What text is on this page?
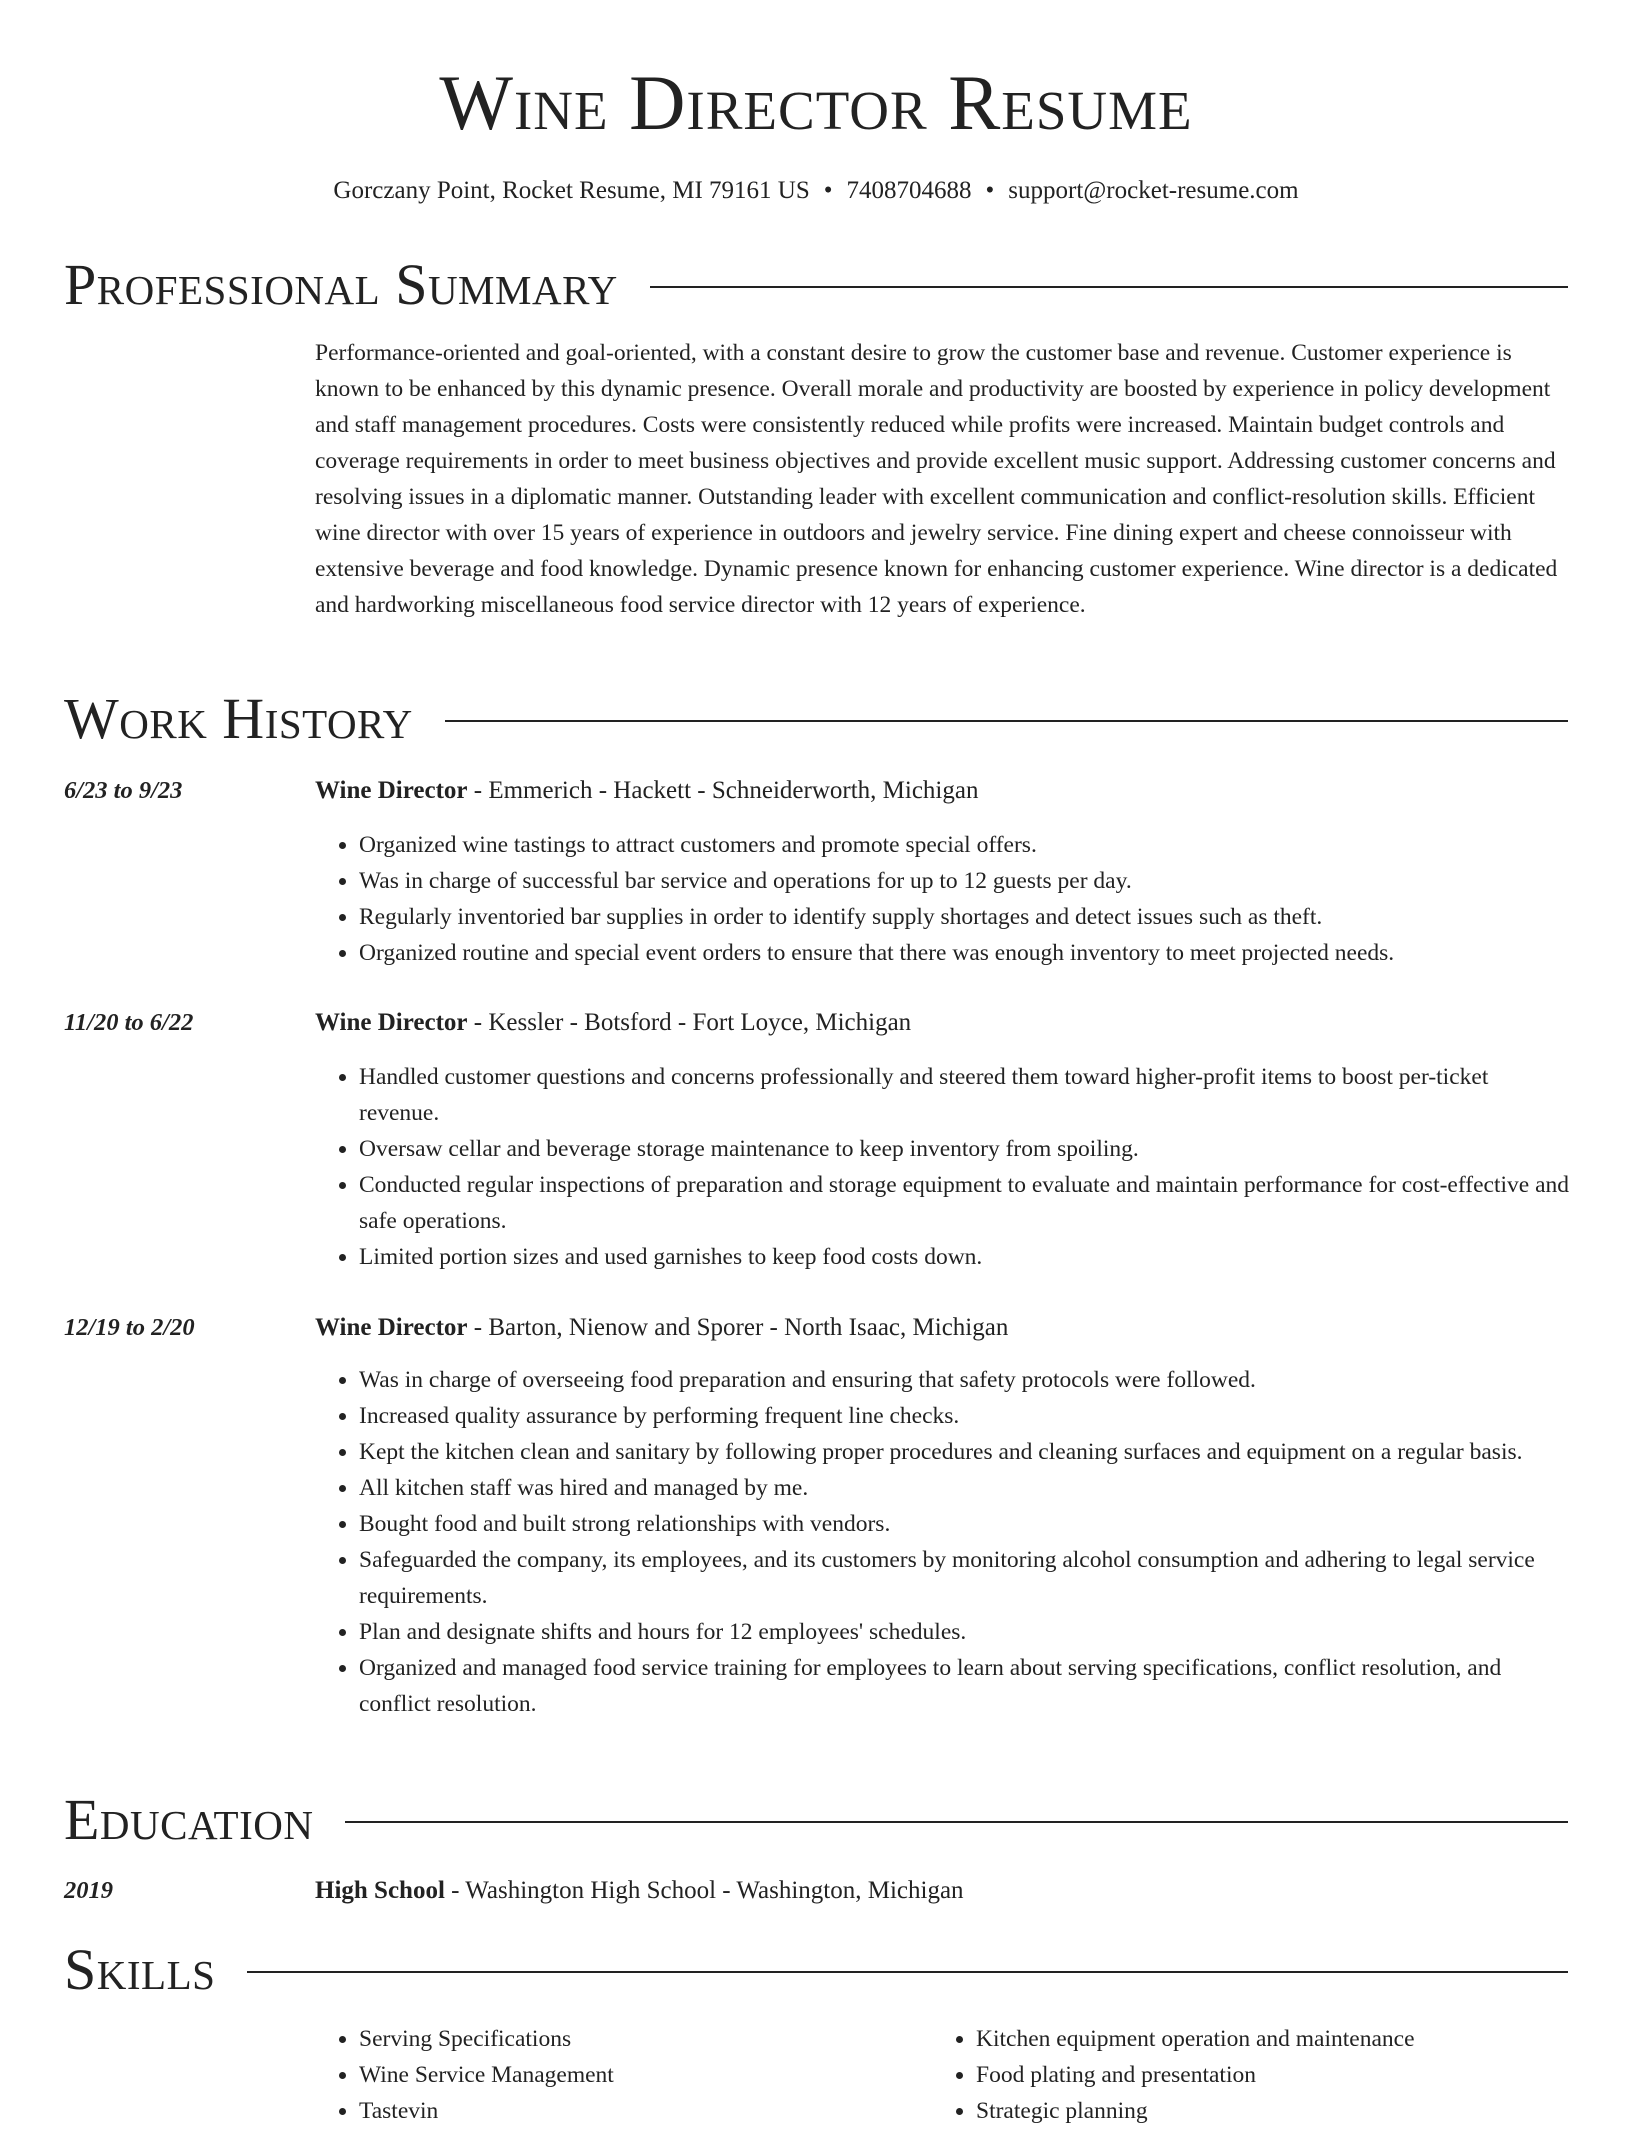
Wine Director Resume
Gorczany Point, Rocket Resume, MI 79161 US • 7408704688 • support@rocket-resume.com
Professional Summary

Performance-oriented and goal-oriented, with a constant desire to grow the customer base and revenue. Customer experience is known to be enhanced by this dynamic presence. Overall morale and productivity are boosted by experience in policy development and staff management procedures. Costs were consistently reduced while profits were increased. Maintain budget controls and coverage requirements in order to meet business objectives and provide excellent music support. Addressing customer concerns and resolving issues in a diplomatic manner. Outstanding leader with excellent communication and conflict-resolution skills. Efficient wine director with over 15 years of experience in outdoors and jewelry service. Fine dining expert and cheese connoisseur with extensive beverage and food knowledge. Dynamic presence known for enhancing customer experience. Wine director is a dedicated and hardworking miscellaneous food service director with 12 years of experience.

Work History
6/23 to 9/23	Wine Director - Emmerich - Hackett - Schneiderworth, Michigan

• Organized wine tastings to attract customers and promote special offers.
• Was in charge of successful bar service and operations for up to 12 guests per day.
• Regularly inventoried bar supplies in order to identify supply shortages and detect issues such as theft.
• Organized routine and special event orders to ensure that there was enough inventory to meet projected needs.
11/20 to 6/22	Wine Director - Kessler - Botsford - Fort Loyce, Michigan

• Handled customer questions and concerns professionally and steered them toward higher-profit items to boost per-ticket revenue.
• Oversaw cellar and beverage storage maintenance to keep inventory from spoiling.
• Conducted regular inspections of preparation and storage equipment to evaluate and maintain performance for cost-effective and safe operations.
• Limited portion sizes and used garnishes to keep food costs down.
12/19 to 2/20	Wine Director - Barton, Nienow and Sporer - North Isaac, Michigan

• Was in charge of overseeing food preparation and ensuring that safety protocols were followed.
• Increased quality assurance by performing frequent line checks.
• Kept the kitchen clean and sanitary by following proper procedures and cleaning surfaces and equipment on a regular basis.
• All kitchen staff was hired and managed by me.
• Bought food and built strong relationships with vendors.
• Safeguarded the company, its employees, and its customers by monitoring alcohol consumption and adhering to legal service requirements.
• Plan and designate shifts and hours for 12 employees' schedules.
• Organized and managed food service training for employees to learn about serving specifications, conflict resolution, and conflict resolution.
Education
2019	High School - Washington High School - Washington, Michigan

Skills
• Serving Specifications
• Wine Service Management
• Tastevin
• Kitchen equipment operation and maintenance
• Food plating and presentation
• Strategic planning
